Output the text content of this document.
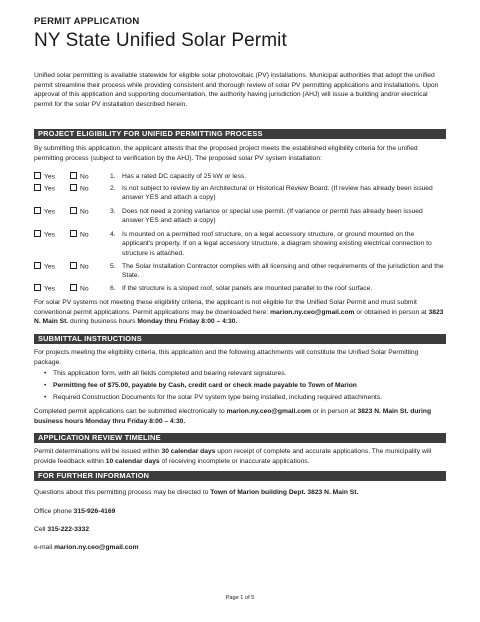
PERMIT APPLICATION
NY State Unified Solar Permit
Unified solar permitting is available statewide for eligible solar photovoltaic (PV) installations. Municipal authorities that adopt the unified permit streamline their process while providing consistent and thorough review of solar PV permitting applications and installations. Upon approval of this application and supporting documentation, the authority having jurisdiction (AHJ) will issue a building and/or electrical permit for the solar PV installation described herein.
PROJECT ELIGIBILITY FOR UNIFIED PERMITTING PROCESS
By submitting this application, the applicant attests that the proposed project meets the established eligibility criteria for the unified permitting process (subject to verification by the AHJ). The proposed solar PV system installation:
Yes	No	1. Has a rated DC capacity of 25 kW or less.
Yes	No	2. Is not subject to review by an Architectural or Historical Review Board. (If review has already been issued answer YES and attach a copy)
Yes	No	3. Does not need a zoning variance or special use permit. (If variance or permit has already been issued answer YES and attach a copy)
Yes	No	4. Is mounted on a permitted roof structure, on a legal accessory structure, or ground mounted on the applicant's property. If on a legal accessory structure, a diagram showing existing electrical connection to structure is attached.
Yes	No	5. The Solar Installation Contractor complies with all licensing and other requirements of the jurisdiction and the State.
Yes	No	6. If the structure is a sloped roof, solar panels are mounted parallel to the roof surface.
For solar PV systems not meeting these eligibility criteria, the applicant is not eligible for the Unified Solar Permit and must submit conventional permit applications. Permit applications may be downloaded here: marion.ny.ceo@gmail.com or obtained in person at 3823 N. Main St. during business hours Monday thru Friday 8:00 – 4:30.
SUBMITTAL INSTRUCTIONS
For projects meeting the eligibility criteria, this application and the following attachments will constitute the Unified Solar Permitting package.
• This application form, with all fields completed and bearing relevant signatures.
• Permitting fee of $75.00, payable by Cash, credit card or check made payable to Town of Marion
• Required Construction Documents for the solar PV system type being installed, including required attachments.
Completed permit applications can be submitted electronically to marion.ny.ceo@gmail.com or in person at 3823 N. Main St. during business hours Monday thru Friday 8:00 – 4:30.
APPLICATION REVIEW TIMELINE
Permit determinations will be issued within 30 calendar days upon receipt of complete and accurate applications. The municipality will provide feedback within 10 calendar days of receiving incomplete or inaccurate applications.
FOR FURTHER INFORMATION
Questions about this permitting process may be directed to Town of Marion building Dept. 3823 N. Main St.
Office phone 315-926-4169
Cell 315-222-3332
e-mail marion.ny.ceo@gmail.com
Page 1 of 5
